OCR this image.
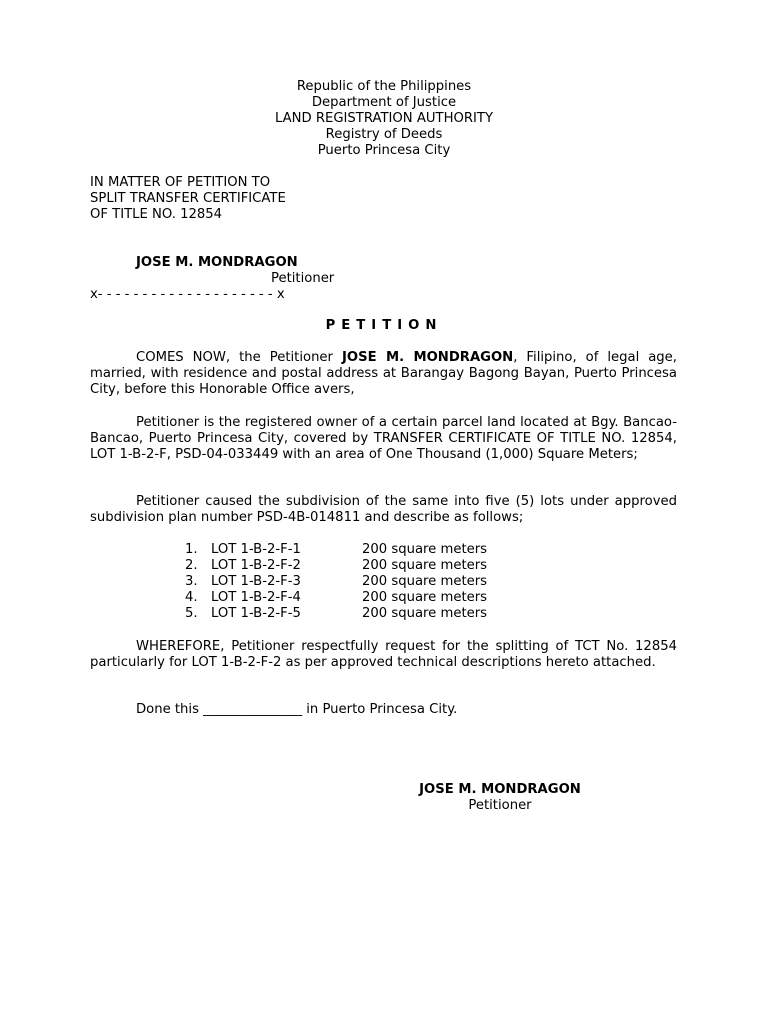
Republic of the Philippines
Department of Justice
LAND REGISTRATION AUTHORITY
Registry of Deeds
Puerto Princesa City
IN MATTER OF PETITION TO
SPLIT TRANSFER CERTIFICATE
OF TITLE NO. 12854
JOSE M. MONDRAGON
Petitioner
x- - - - - - - - - - - - - - - - - - - - x
PETITION
COMES NOW, the Petitioner JOSE M. MONDRAGON, Filipino, of legal age, married, with residence and postal address at Barangay Bagong Bayan, Puerto Princesa City, before this Honorable Office avers,
Petitioner is the registered owner of a certain parcel land located at Bgy. Bancao-Bancao, Puerto Princesa City, covered by TRANSFER CERTIFICATE OF TITLE NO. 12854, LOT 1-B-2-F, PSD-04-033449 with an area of One Thousand (1,000) Square Meters;
Petitioner caused the subdivision of the same into five (5) lots under approved subdivision plan number PSD-4B-014811 and describe as follows;
1. LOT 1-B-2-F-1	200 square meters
2. LOT 1-B-2-F-2	200 square meters
3. LOT 1-B-2-F-3	200 square meters
4. LOT 1-B-2-F-4	200 square meters
5. LOT 1-B-2-F-5	200 square meters
WHEREFORE, Petitioner respectfully request for the splitting of TCT No. 12854 particularly for LOT 1-B-2-F-2 as per approved technical descriptions hereto attached.
Done this _______________ in Puerto Princesa City.
JOSE M. MONDRAGON
Petitioner
